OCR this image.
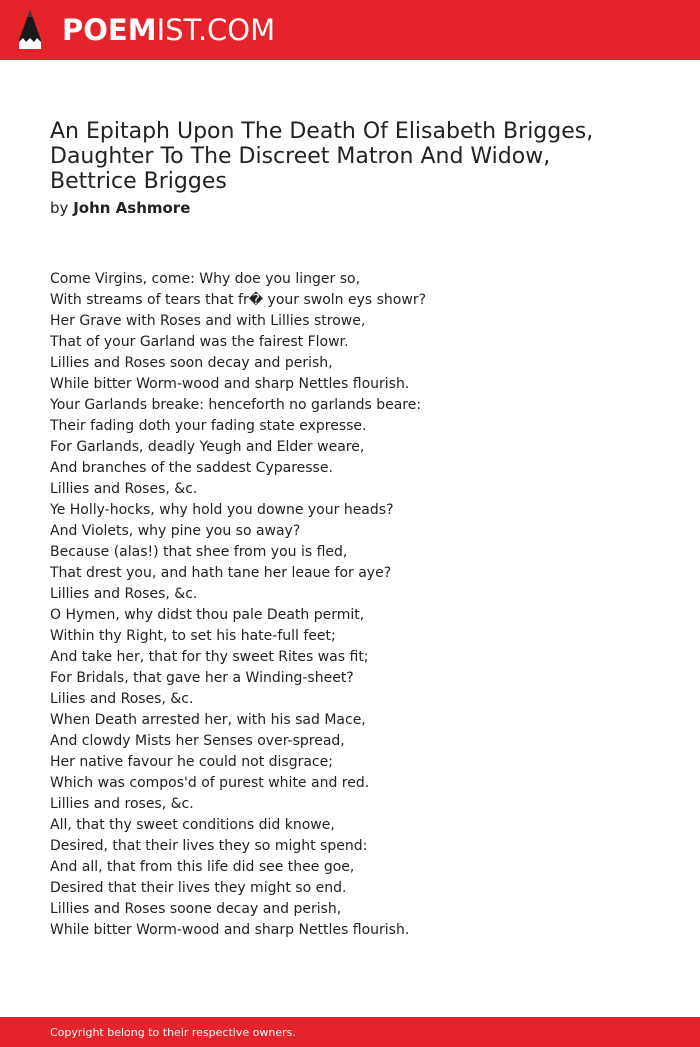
POEMIST.COM
An Epitaph Upon The Death Of Elisabeth Brigges,
Daughter To The Discreet Matron And Widow,
Bettrice Brigges
by John Ashmore
Come Virgins, come: Why doe you linger so,
With streams of tears that fr� your swoln eys showr?
Her Grave with Roses and with Lillies strowe,
That of your Garland was the fairest Flowr.
Lillies and Roses soon decay and perish,
While bitter Worm-wood and sharp Nettles flourish.
Your Garlands breake: henceforth no garlands beare:
Their fading doth your fading state expresse.
For Garlands, deadly Yeugh and Elder weare,
And branches of the saddest Cyparesse.
Lillies and Roses, &c.
Ye Holly-hocks, why hold you downe your heads?
And Violets, why pine you so away?
Because (alas!) that shee from you is fled,
That drest you, and hath tane her leaue for aye?
Lillies and Roses, &c.
O Hymen, why didst thou pale Death permit,
Within thy Right, to set his hate-full feet;
And take her, that for thy sweet Rites was fit;
For Bridals, that gave her a Winding-sheet?
Lilies and Roses, &c.
When Death arrested her, with his sad Mace,
And clowdy Mists her Senses over-spread,
Her native favour he could not disgrace;
Which was compos'd of purest white and red.
Lillies and roses, &c.
All, that thy sweet conditions did knowe,
Desired, that their lives they so might spend:
And all, that from this life did see thee goe,
Desired that their lives they might so end.
Lillies and Roses soone decay and perish,
While bitter Worm-wood and sharp Nettles flourish.
Copyright belong to their respective owners.
